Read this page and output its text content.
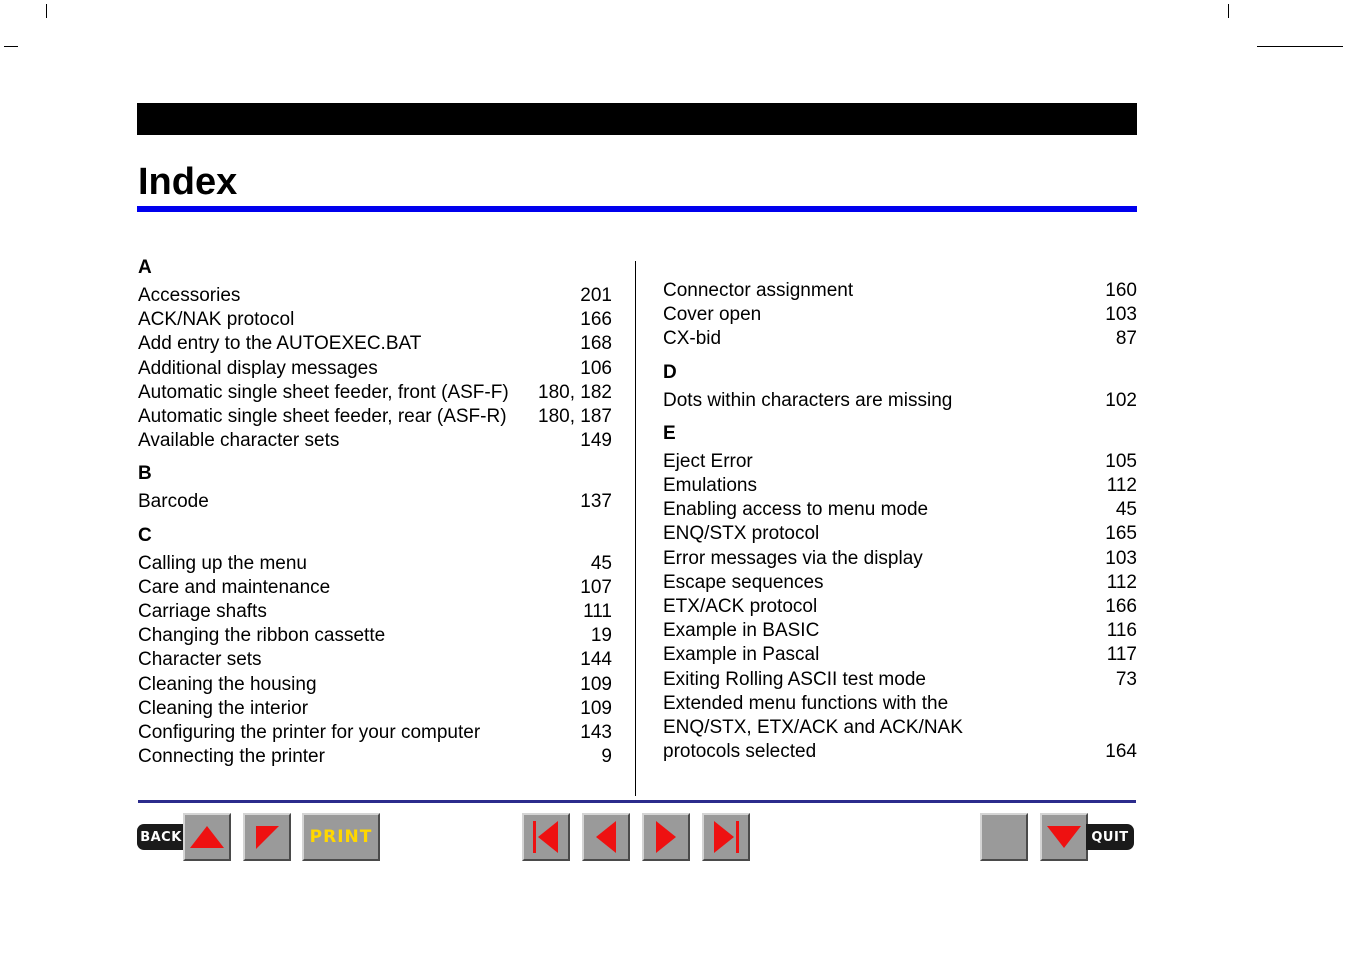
Index
A
Accessories	201
ACK/NAK protocol	166
Add entry to the AUTOEXEC.BAT	168
Additional display messages	106
Automatic single sheet feeder, front (ASF-F) 180, 182
Automatic single sheet feeder, rear (ASF-R) 180, 187
Available character sets	149
B
Barcode	137
C
Calling up the menu	45
Care and maintenance	107
Carriage shafts	111
Changing the ribbon cassette	19
Character sets	144
Cleaning the housing	109
Cleaning the interior	109
Configuring the printer for your computer	143
Connecting the printer	9
Connector assignment	160
Cover open	103
CX-bid	87
D
Dots within characters are missing	102
E
Eject Error	105
Emulations	112
Enabling access to menu mode	45
ENQ/STX protocol	165
Error messages via the display	103
Escape sequences	112
ETX/ACK protocol	166
Example in BASIC	116
Example in Pascal	117
Exiting Rolling ASCII test mode	73
Extended menu functions with the
ENQ/STX, ETX/ACK and ACK/NAK
protocols selected	164
BACK	PRINT	QUIT
